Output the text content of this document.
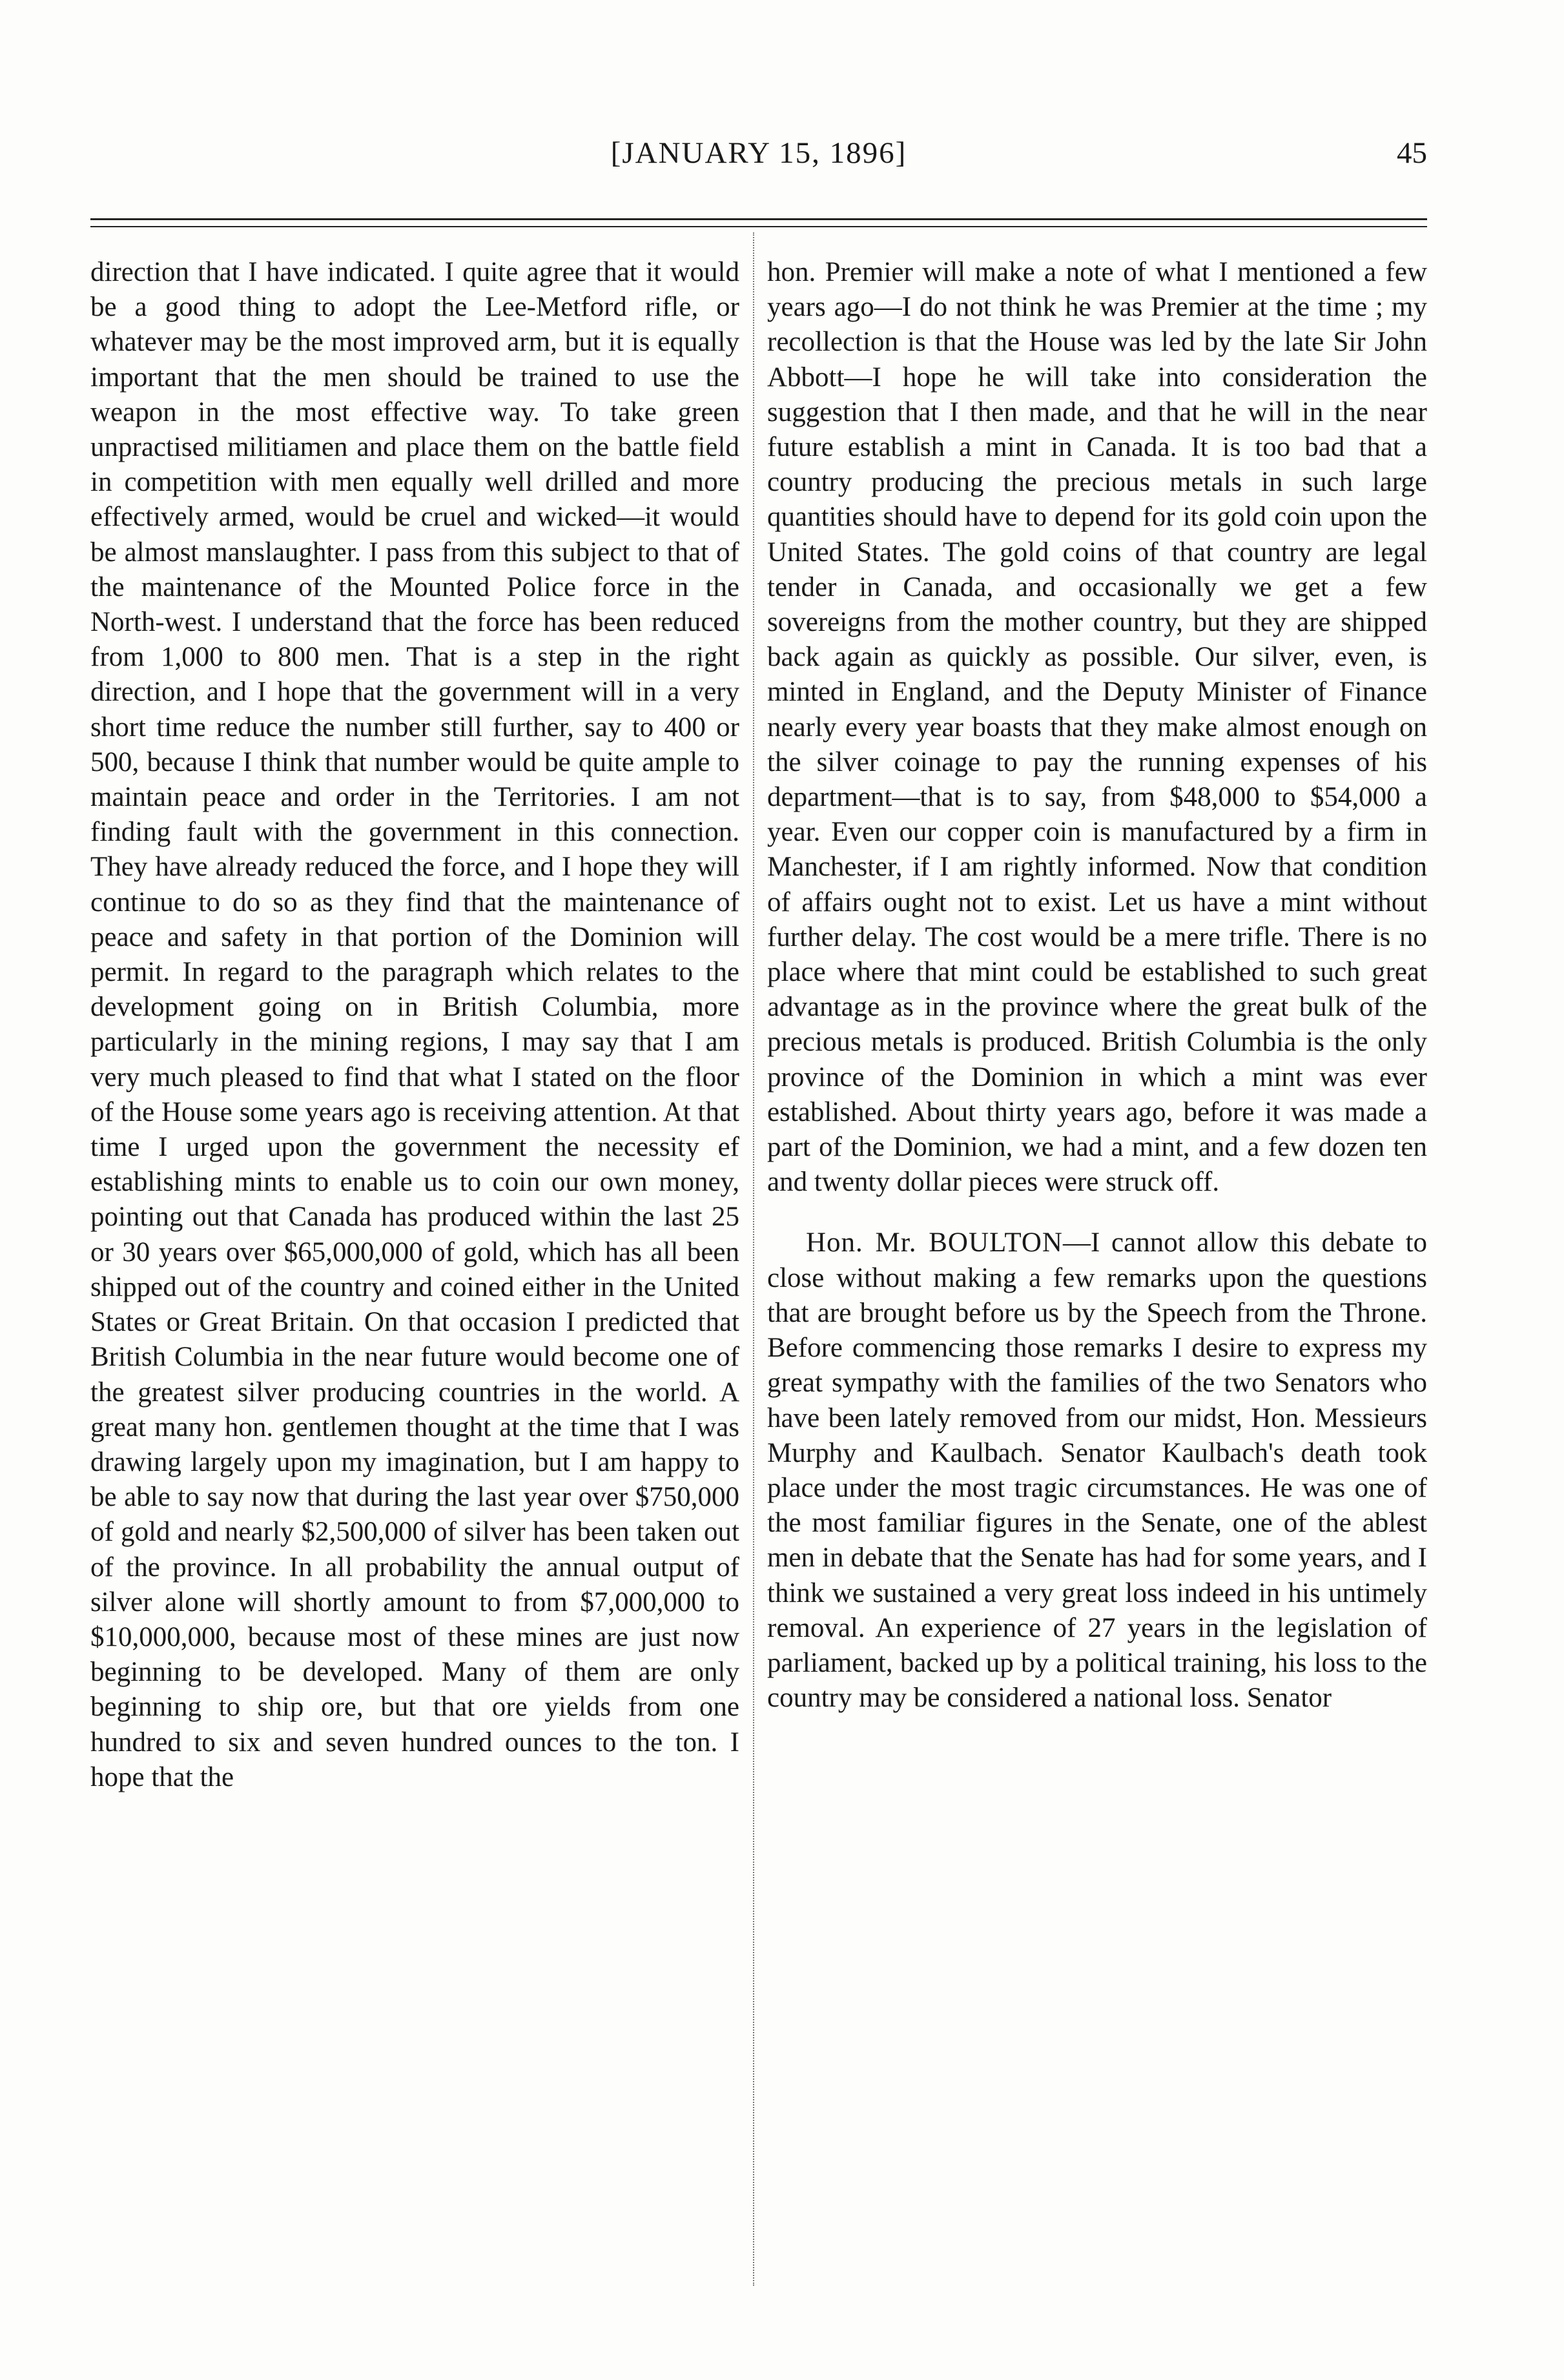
[JANUARY 15, 1896]	45

direction that I have indicated. I quite agree that it would be a good thing to adopt the Lee-Metford rifle, or whatever may be the most improved arm, but it is equally important that the men should be trained to use the weapon in the most effective way. To take green unpractised militiamen and place them on the battle field in competition with men equally well drilled and more effectively armed, would be cruel and wicked—it would be almost manslaughter. I pass from this subject to that of the maintenance of the Mounted Police force in the North-west. I understand that the force has been reduced from 1,000 to 800 men. That is a step in the right direction, and I hope that the government will in a very short time reduce the number still further, say to 400 or 500, because I think that number would be quite ample to maintain peace and order in the Territories. I am not finding fault with the government in this connection. They have already reduced the force, and I hope they will continue to do so as they find that the maintenance of peace and safety in that portion of the Dominion will permit. In regard to the paragraph which relates to the development going on in British Columbia, more particularly in the mining regions, I may say that I am very much pleased to find that what I stated on the floor of the House some years ago is receiving attention. At that time I urged upon the government the necessity ef establishing mints to enable us to coin our own money, pointing out that Canada has produced within the last 25 or 30 years over $65,000,000 of gold, which has all been shipped out of the country and coined either in the United States or Great Britain. On that occasion I predicted that British Columbia in the near future would become one of the greatest silver producing countries in the world. A great many hon. gentlemen thought at the time that I was drawing largely upon my imagination, but I am happy to be able to say now that during the last year over $750,000 of gold and nearly $2,500,000 of silver has been taken out of the province. In all probability the annual output of silver alone will shortly amount to from $7,000,000 to $10,000,000, because most of these mines are just now beginning to be developed. Many of them are only beginning to ship ore, but that ore yields from one hundred to six and seven hundred ounces to the ton. I hope that the

hon. Premier will make a note of what I mentioned a few years ago—I do not think he was Premier at the time ; my recollection is that the House was led by the late Sir John Abbott—I hope he will take into consideration the suggestion that I then made, and that he will in the near future establish a mint in Canada. It is too bad that a country producing the precious metals in such large quantities should have to depend for its gold coin upon the United States. The gold coins of that country are legal tender in Canada, and occasionally we get a few sovereigns from the mother country, but they are shipped back again as quickly as possible. Our silver, even, is minted in England, and the Deputy Minister of Finance nearly every year boasts that they make almost enough on the silver coinage to pay the running expenses of his department—that is to say, from $48,000 to $54,000 a year. Even our copper coin is manufactured by a firm in Manchester, if I am rightly informed. Now that condition of affairs ought not to exist. Let us have a mint without further delay. The cost would be a mere trifle. There is no place where that mint could be established to such great advantage as in the province where the great bulk of the precious metals is produced. British Columbia is the only province of the Dominion in which a mint was ever established. About thirty years ago, before it was made a part of the Dominion, we had a mint, and a few dozen ten and twenty dollar pieces were struck off.

Hon. Mr. BOULTON—I cannot allow this debate to close without making a few remarks upon the questions that are brought before us by the Speech from the Throne. Before commencing those remarks I desire to express my great sympathy with the families of the two Senators who have been lately removed from our midst, Hon. Messieurs Murphy and Kaulbach. Senator Kaulbach's death took place under the most tragic circumstances. He was one of the most familiar figures in the Senate, one of the ablest men in debate that the Senate has had for some years, and I think we sustained a very great loss indeed in his untimely removal. An experience of 27 years in the legislation of parliament, backed up by a political training, his loss to the country may be considered a national loss. Senator
